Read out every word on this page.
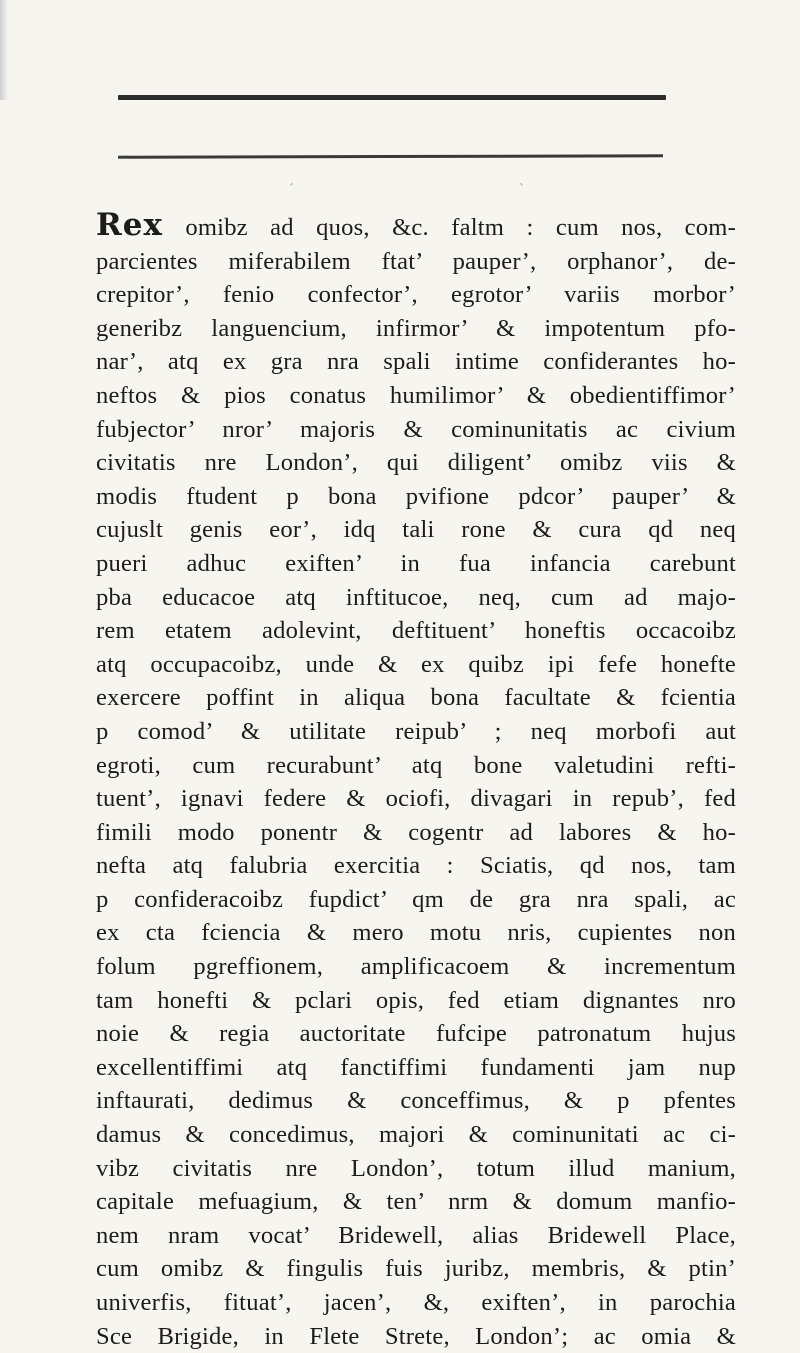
´	`
Rex omibz ad quos, &c. faltm : cum nos, com-
parcientes miferabilem ftat’ pauper’, orphanor’, de-
crepitor’, fenio confector’, egrotor’ variis morbor’
generibz languencium, infirmor’ & impotentum pfo-
nar’, atq ex gra nra spali intime confiderantes ho-
neftos & pios conatus humilimor’ & obedientiffimor’
fubjector’ nror’ majoris & cominunitatis ac civium
civitatis nre London’, qui diligent’ omibz viis &
modis ftudent p bona pvifione pdcor’ pauper’ &
cujuslt genis eor’, idq tali rone & cura qd neq
pueri adhuc exiften’ in fua infancia carebunt
pba educacoe atq inftitucoe, neq, cum ad majo-
rem etatem adolevint, deftituent’ honeftis occacoibz
atq occupacoibz, unde & ex quibz ipi fefe honefte
exercere poffint in aliqua bona facultate & fcientia
p comod’ & utilitate reipub’ ; neq morbofi aut
egroti, cum recurabunt’ atq bone valetudini refti-
tuent’, ignavi federe & ociofi, divagari in repub’, fed
fimili modo ponentr & cogentr ad labores & ho-
nefta atq falubria exercitia : Sciatis, qd nos, tam
p confideracoibz fupdict’ qm de gra nra spali, ac
ex cta fciencia & mero motu nris, cupientes non
folum pgreffionem, amplificacoem & incrementum
tam honefti & pclari opis, fed etiam dignantes nro
noie & regia auctoritate fufcipe patronatum hujus
excellentiffimi atq fanctiffimi fundamenti jam nup
inftaurati, dedimus & conceffimus, & p pfentes
damus & concedimus, majori & cominunitati ac ci-
vibz civitatis nre London’, totum illud manium,
capitale mefuagium, & ten’ nrm & domum manfio-
nem nram vocat’ Bridewell, alias Bridewell Place,
cum omibz & fingulis fuis juribz, membris, & ptin’
univerfis, fituat’, jacen’, &, exiften’, in parochia
Sce Brigide, in Flete Strete, London’; ac omia &
